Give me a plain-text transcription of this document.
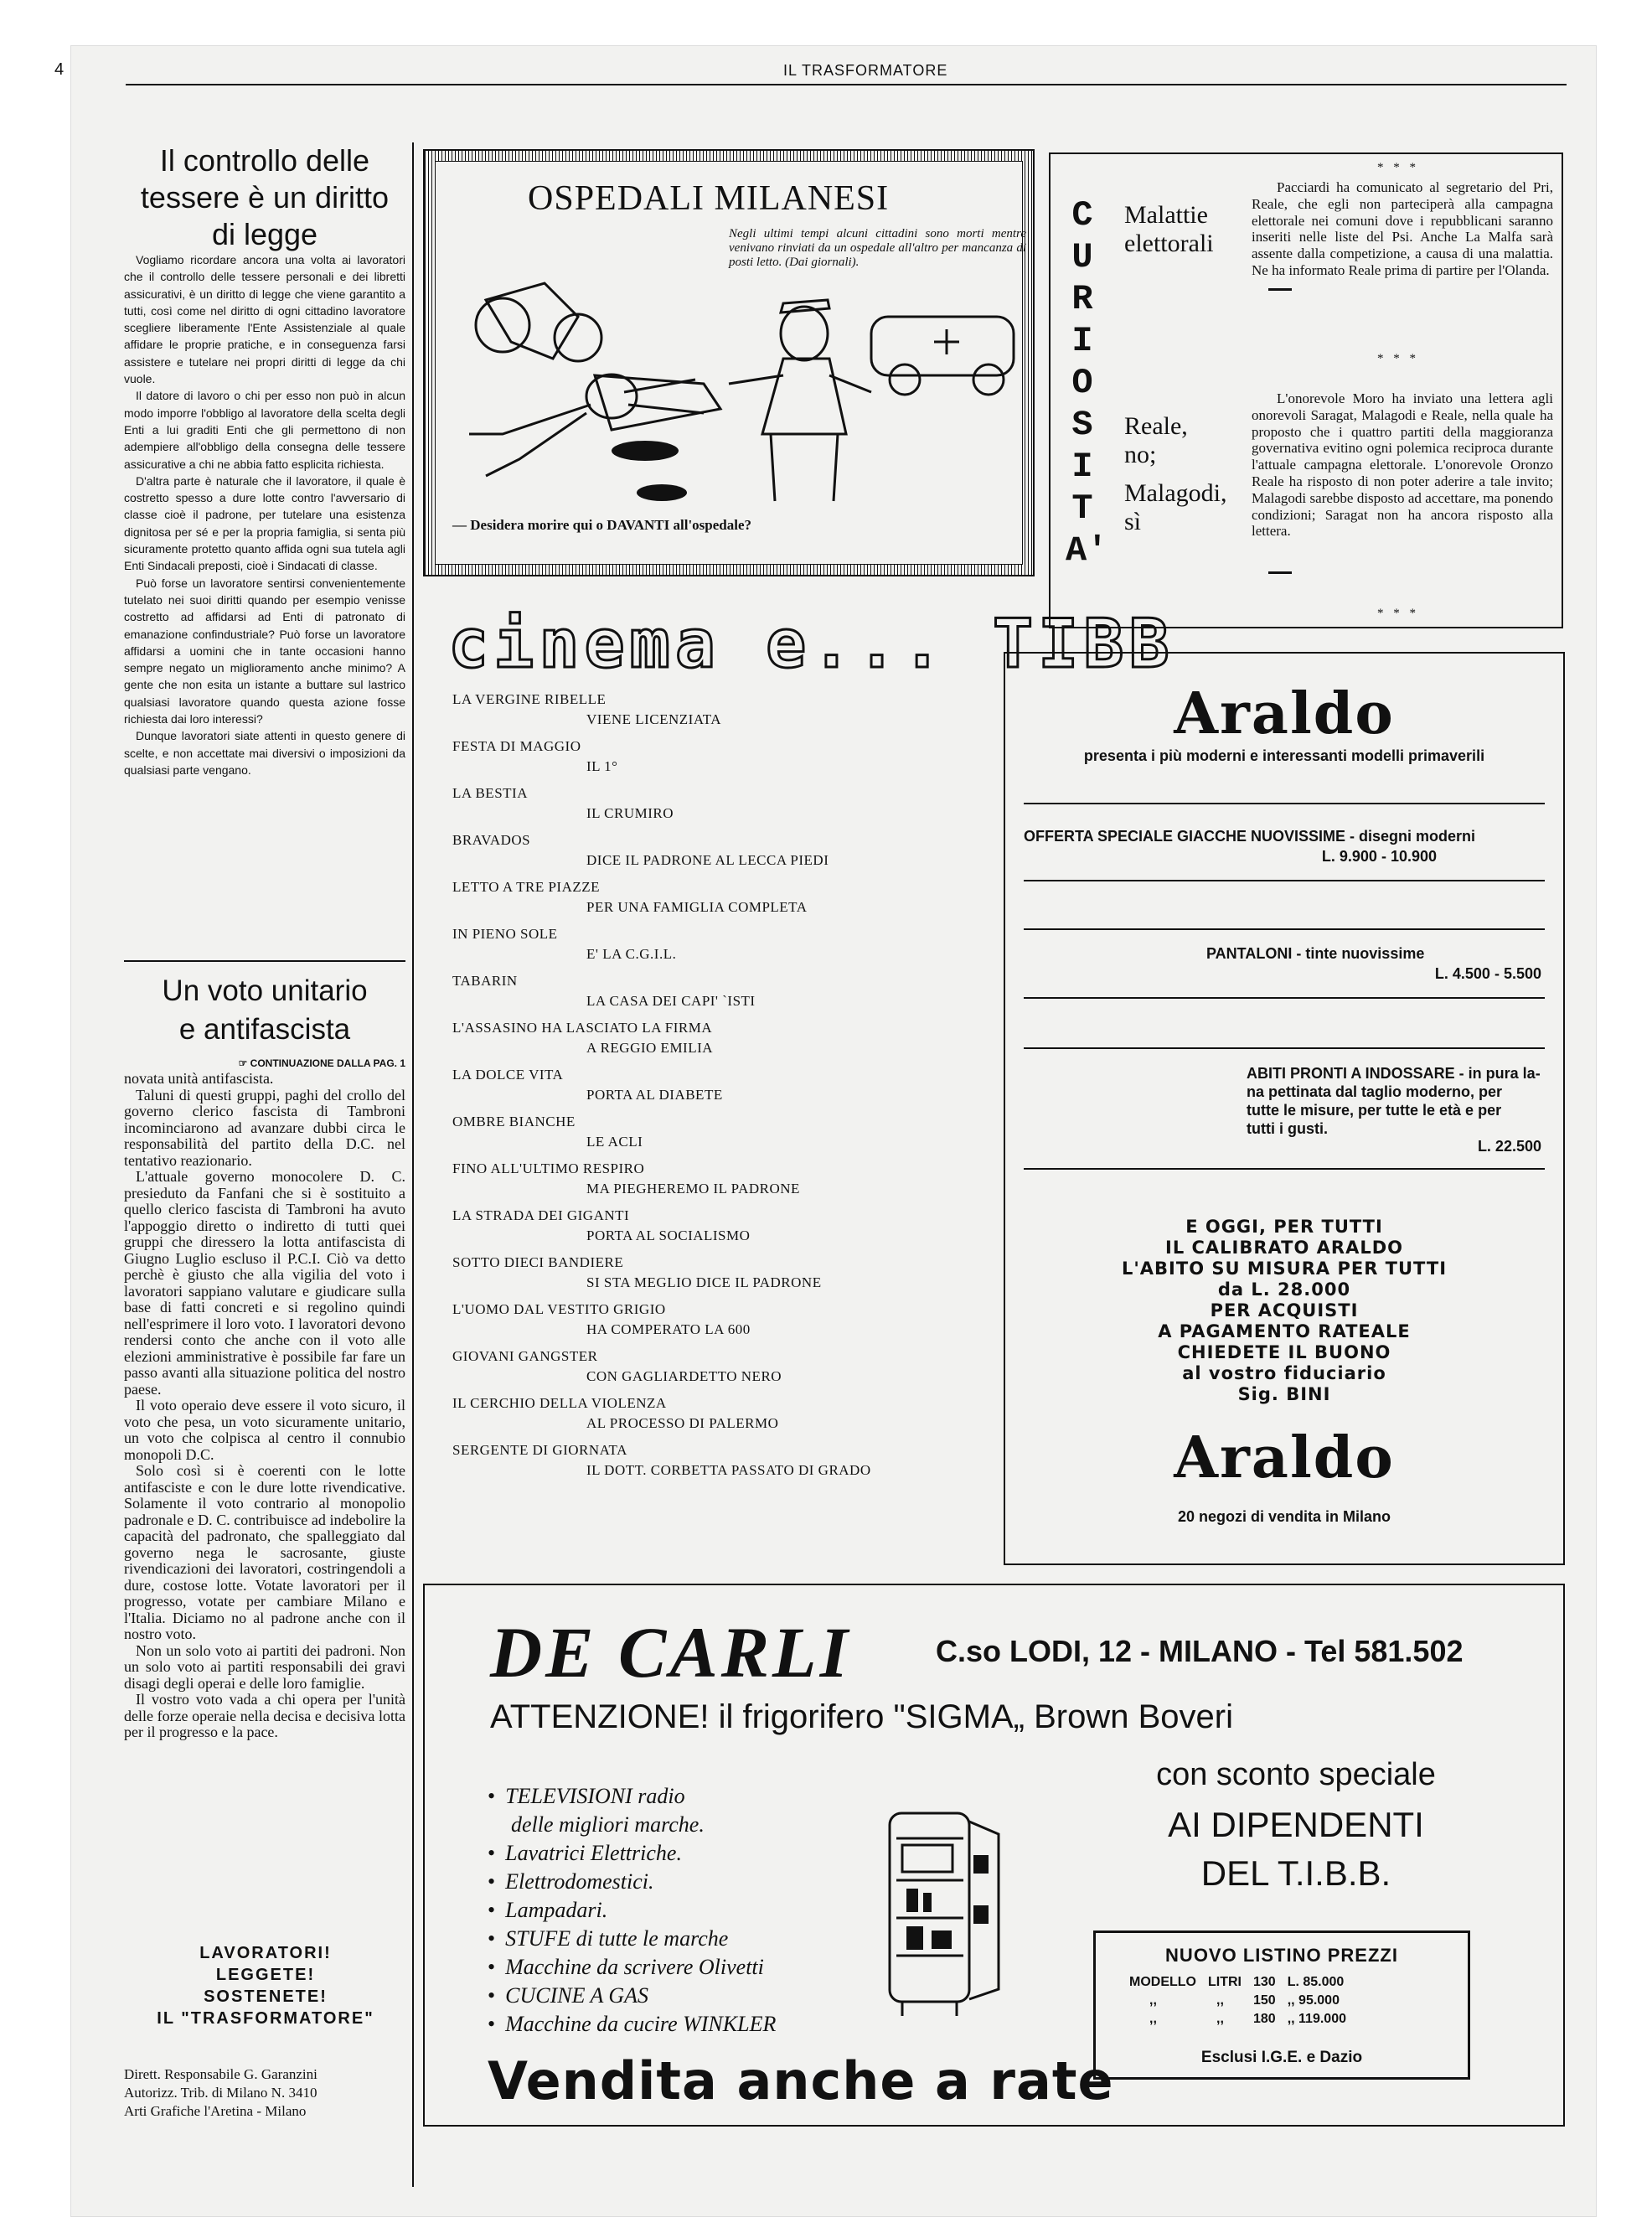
4	IL TRASFORMATORE
Il controllo delle
tessere è un diritto
di legge

Vogliamo ricordare ancora una volta ai lavoratori che il controllo delle tessere personali e dei libretti assicurativi, è un diritto di legge che viene garantito a tutti, così come nel diritto di ogni cittadino lavoratore scegliere liberamente l'Ente Assistenziale al quale affidare le proprie pratiche, e in conseguenza farsi assistere e tutelare nei propri diritti di legge da chi vuole.

Il datore di lavoro o chi per esso non può in alcun modo imporre l'obbligo al lavoratore della scelta degli Enti a lui graditi Enti che gli permettono di non adempiere all'obbligo della consegna delle tessere assicurative a chi ne abbia fatto esplicita richiesta.

D'altra parte è naturale che il lavoratore, il quale è costretto spesso a dure lotte contro l'avversario di classe cioè il padrone, per tutelare una esistenza dignitosa per sé e per la propria famiglia, si senta più sicuramente protetto quanto affida ogni sua tutela agli Enti Sindacali preposti, cioè i Sindacati di classe.

Può forse un lavoratore sentirsi convenientemente tutelato nei suoi diritti quando per esempio venisse costretto ad affidarsi ad Enti di patronato di emanazione confindustriale? Può forse un lavoratore affidarsi a uomini che in tante occasioni hanno sempre negato un miglioramento anche minimo? A gente che non esita un istante a buttare sul lastrico qualsiasi lavoratore quando questa azione fosse richiesta dai loro interessi?

Dunque lavoratori siate attenti in questo genere di scelte, e non accettate mai diversivi o imposizioni da qualsiasi parte vengano.

Un voto unitario
e antifascista
☞ CONTINUAZIONE DALLA PAG. 1

novata unità antifascista.

Taluni di questi gruppi, paghi del crollo del governo clerico fascista di Tambroni incominciarono ad avanzare dubbi circa le responsabilità del partito della D.C. nel tentativo reazionario.

L'attuale governo monocolere D. C. presieduto da Fanfani che si è sostituito a quello clerico fascista di Tambroni ha avuto l'appoggio diretto o indiretto di tutti quei gruppi che diressero la lotta antifascista di Giugno Luglio escluso il P.C.I. Ciò va detto perchè è giusto che alla vigilia del voto i lavoratori sappiano valutare e giudicare sulla base di fatti concreti e si regolino quindi nell'esprimere il loro voto. I lavoratori devono rendersi conto che anche con il voto alle elezioni amministrative è possibile far fare un passo avanti alla situazione politica del nostro paese.

Il voto operaio deve essere il voto sicuro, il voto che pesa, un voto sicuramente unitario, un voto che colpisca al centro il connubio monopoli D.C.

Solo così si è coerenti con le lotte antifasciste e con le dure lotte rivendicative. Solamente il voto contrario al monopolio padronale e D. C. contribuisce ad indebolire la capacità del padronato, che spalleggiato dal governo nega le sacrosante, giuste rivendicazioni dei lavoratori, costringendoli a dure, costose lotte. Votate lavoratori per il progresso, votate per cambiare Milano e l'Italia. Diciamo no al padrone anche con il nostro voto.

Non un solo voto ai partiti dei padroni. Non un solo voto ai partiti responsabili dei gravi disagi degli operai e delle loro famiglie.

Il vostro voto vada a chi opera per l'unità delle forze operaie nella decisa e decisiva lotta per il progresso e la pace.

LAVORATORI!
LEGGETE!
SOSTENETE!
IL "TRASFORMATORE"
Dirett. Responsabile G. Garanzini
Autorizz. Trib. di Milano N. 3410
Arti Grafiche l'Aretina - Milano
OSPEDALI MILANESI
Negli ultimi tempi alcuni cittadini sono morti mentre venivano rinviati da un ospedale all'altro per mancanza di posti letto. (Dai giornali).
— Desidera morire qui o DAVANTI all'ospedale?
cinema e... TIBB
LA VERGINE RIBELLE
VIENE LICENZIATA
FESTA DI MAGGIO
IL 1°
LA BESTIA
IL CRUMIRO
BRAVADOS
DICE IL PADRONE AL LECCA PIEDI
LETTO A TRE PIAZZE
PER UNA FAMIGLIA COMPLETA
IN PIENO SOLE
E' LA C.G.I.L.
TABARIN
LA CASA DEI CAPI' `ISTI
L'ASSASINO HA LASCIATO LA FIRMA
A REGGIO EMILIA
LA DOLCE VITA
PORTA AL DIABETE
OMBRE BIANCHE
LE ACLI
FINO ALL'ULTIMO RESPIRO
MA PIEGHEREMO IL PADRONE
LA STRADA DEI GIGANTI
PORTA AL SOCIALISMO
SOTTO DIECI BANDIERE
SI STA MEGLIO DICE IL PADRONE
L'UOMO DAL VESTITO GRIGIO
HA COMPERATO LA 600
GIOVANI GANGSTER
CON GAGLIARDETTO NERO
IL CERCHIO DELLA VIOLENZA
AL PROCESSO DI PALERMO
SERGENTE DI GIORNATA
IL DOTT. CORBETTA PASSATO DI GRADO
C
U
R
I
O
S
I
T
A'
* * *
Malattie
elettorali
Pacciardi ha comunicato al segretario del Pri, Reale, che egli non parteciperà alla campagna elettorale nei comuni dove i repubblicani saranno inseriti nelle liste del Psi. Anche La Malfa sarà assente dalla competizione, a causa di una malattia. Ne ha informato Reale prima di partire per l'Olanda.
* * *
Reale,
no;
Malagodi,
sì
L'onorevole Moro ha inviato una lettera agli onorevoli Saragat, Malagodi e Reale, nella quale ha proposto che i quattro partiti della maggioranza governativa evitino ogni polemica reciproca durante l'attuale campagna elettorale. L'onorevole Oronzo Reale ha risposto di non poter aderire a tale invito; Malagodi sarebbe disposto ad accettare, ma ponendo condizioni; Saragat non ha ancora risposto alla lettera.
* * *
Araldo
presenta i più moderni e interessanti modelli primaverili
OFFERTA SPECIALE GIACCHE NUOVISSIME - disegni moderni
L. 9.900 - 10.900
PANTALONI - tinte nuovissime
L. 4.500 - 5.500
ABITI PRONTI A INDOSSARE - in pura la-
na pettinata dal taglio moderno, per
tutte le misure, per tutte le età e per
tutti i gusti.
L. 22.500
E OGGI, PER TUTTI
IL CALIBRATO ARALDO
L'ABITO SU MISURA PER TUTTI
da L. 28.000
PER ACQUISTI
A PAGAMENTO RATEALE
CHIEDETE IL BUONO
al vostro fiduciario
Sig. BINI
Araldo
20 negozi di vendita in Milano
DE CARLI	C.so LODI, 12 - MILANO - Tel 581.502
ATTENZIONE! il frigorifero "SIGMA„ Brown Boveri
con sconto speciale
AI DIPENDENTI
DEL T.I.B.B.
• TELEVISIONI radio
delle migliori marche.
• Lavatrici Elettriche.
• Elettrodomestici.
• Lampadari.
• STUFE di tutte le marche
• Macchine da scrivere Olivetti
• CUCINE A GAS
• Macchine da cucire WINKLER
Vendita anche a rate
NUOVO LISTINO PREZZI
MODELLO	LITRI	130	L. 85.000
,,	,,	150	,, 95.000
,,	,,	180	,, 119.000
Esclusi I.G.E. e Dazio
